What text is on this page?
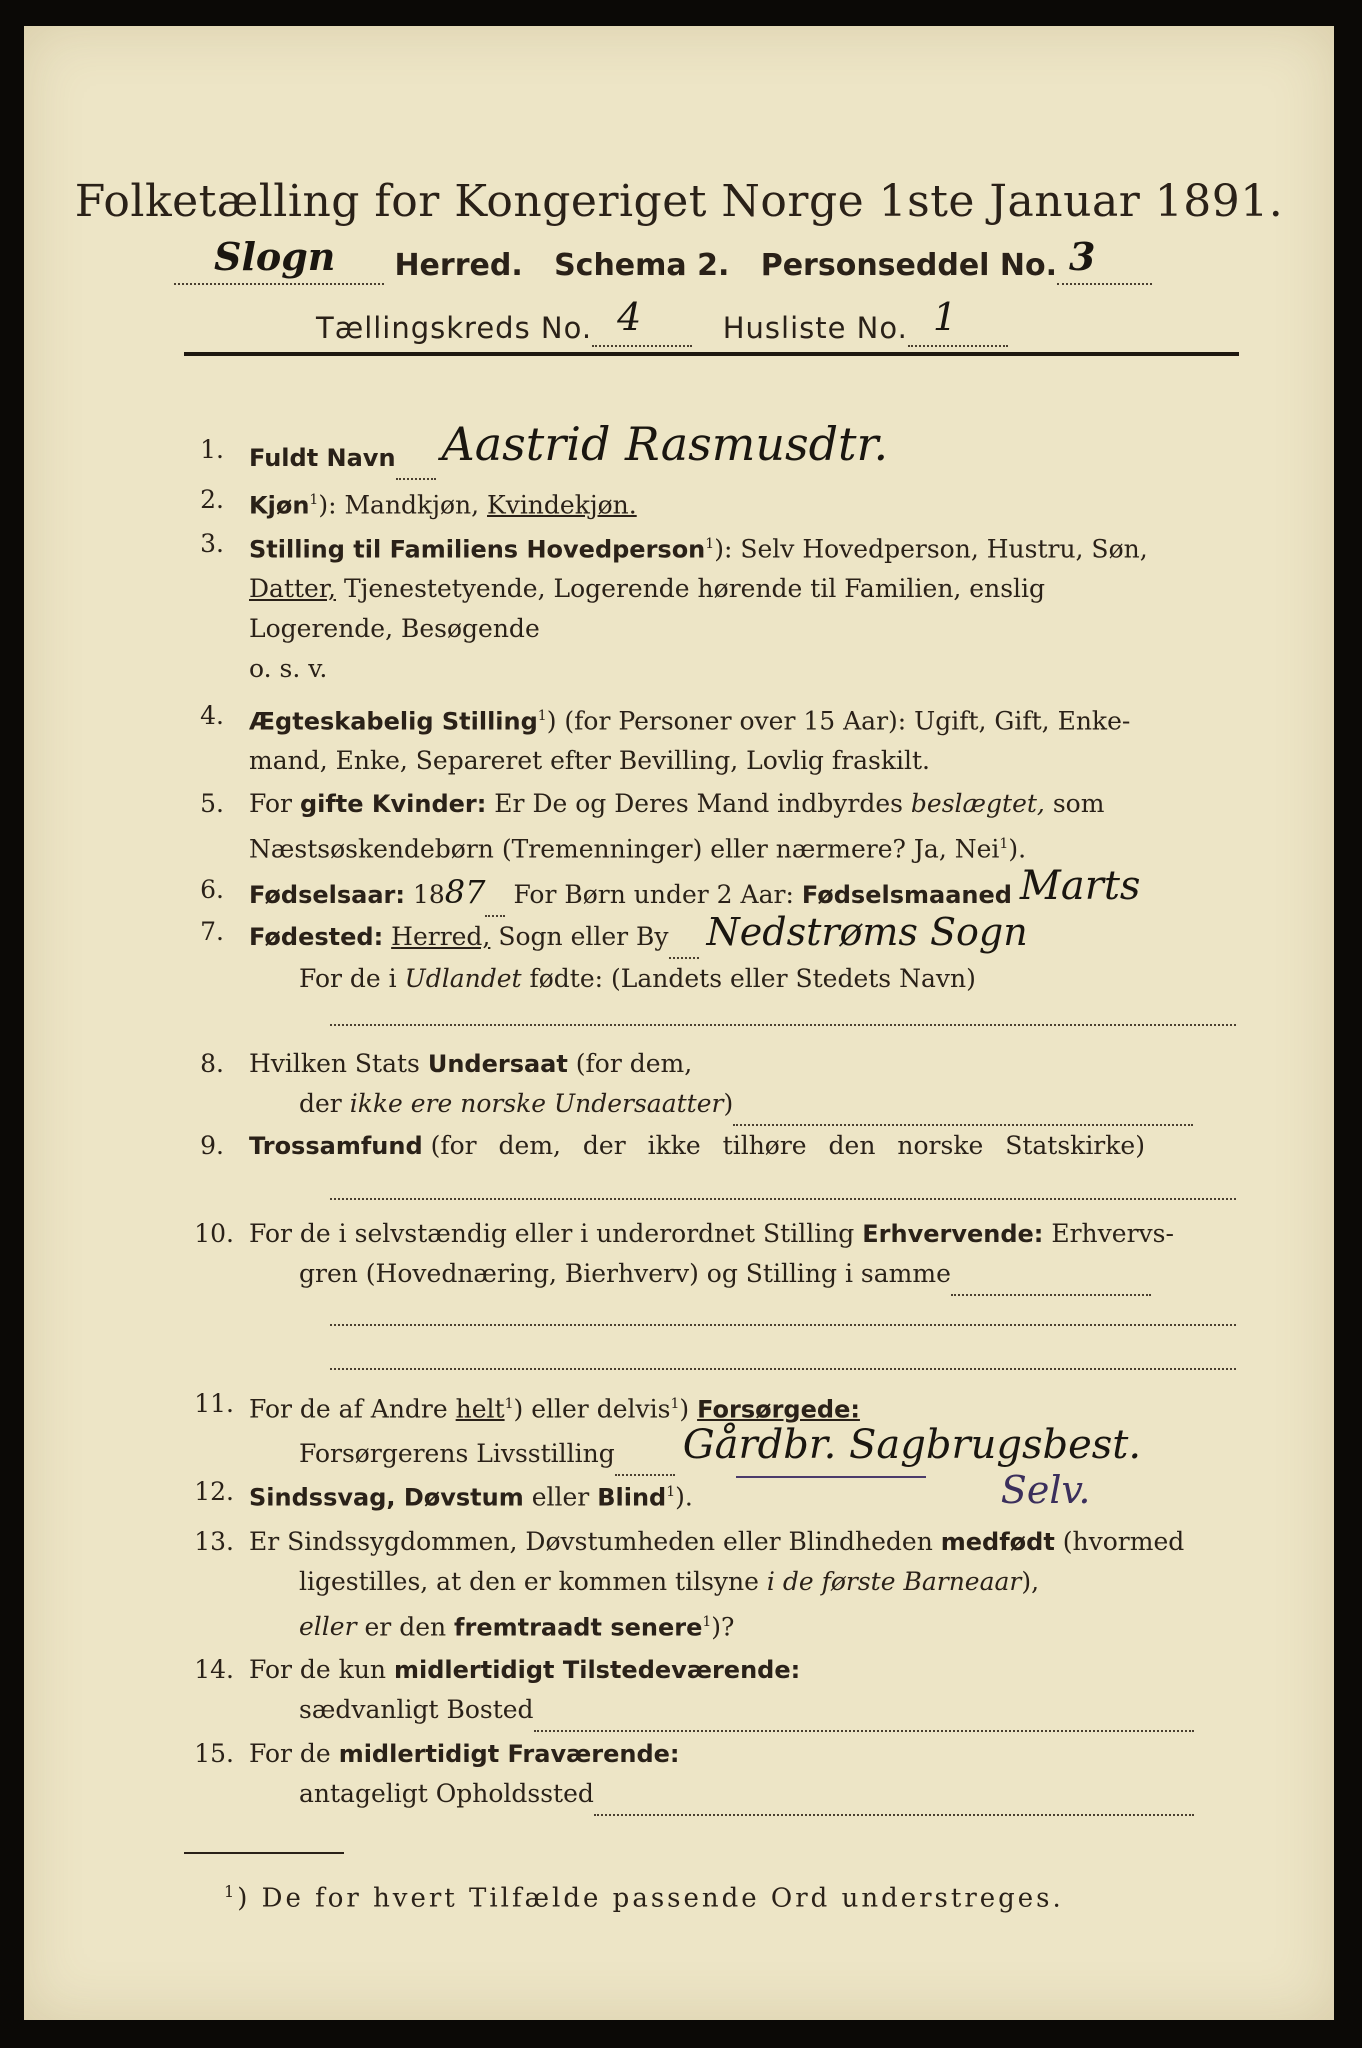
Folketælling for Kongeriget Norge 1ste Januar 1891.
Slogn Herred. Schema 2. Personseddel No. 3

Tællingskreds No. 4	Husliste No. 1

1. Fuldt Navn Aastrid Rasmusdtr.
2. Kjøn$^1$): Mandkjøn, Kvindekjøn.
3. Stilling til Familiens Hovedperson$^1$): Selv Hovedperson, Hustru, Søn,
Datter, Tjenestetyende, Logerende hørende til Familien, enslig
Logerende, Besøgende
o. s. v.
4. Ægteskabelig Stilling$^1$) (for Personer over 15 Aar): Ugift, Gift, Enke-
mand, Enke, Separeret efter Bevilling, Lovlig fraskilt.
5. For gifte Kvinder: Er De og Deres Mand indbyrdes beslægtet, som
Næstsøskendebørn (Tremenninger) eller nærmere? Ja, Nei$^1$).
6. Fødselsaar: 1887 For Børn under 2 Aar: Fødselsmaaned Marts
7. Fødested: Herred, Sogn eller By Nedstrøms Sogn
For de i Udlandet fødte: (Landets eller Stedets Navn)
8. Hvilken Stats Undersaat (for dem,
der ikke ere norske Undersaatter)
9. Trossamfund (for dem, der ikke tilhøre den norske Statskirke)
10. For de i selvstændig eller i underordnet Stilling Erhvervende: Erhvervs-
gren (Hovednæring, Bierhverv) og Stilling i samme
11. For de af Andre helt$^1$) eller delvis$^1$) Forsørgede:
Forsørgerens Livsstilling Gårdbr. Sagbrugsbest.
12. Sindssvag, Døvstum eller Blind$^1$).	Selv.
13. Er Sindssygdommen, Døvstumheden eller Blindheden medfødt (hvormed
ligestilles, at den er kommen tilsyne i de første Barneaar),
eller er den fremtraadt senere$^1$)?
14. For de kun midlertidigt Tilstedeværende:
sædvanligt Bosted
15. For de midlertidigt Fraværende:
antageligt Opholdssted
$^1$) De for hvert Tilfælde passende Ord understreges.
